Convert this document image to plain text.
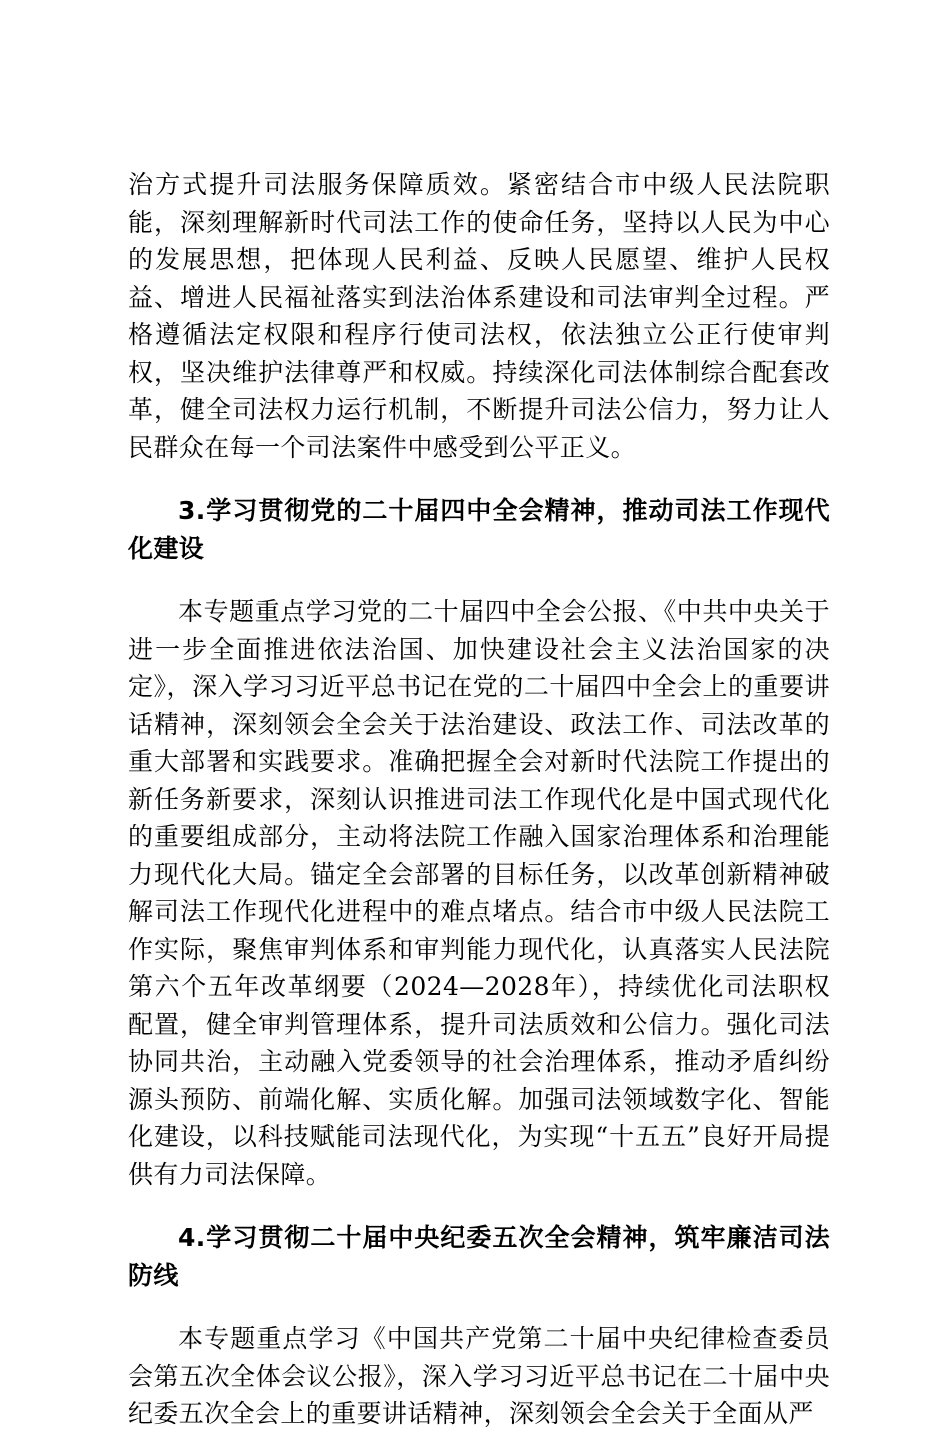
治方式提升司法服务保障质效。紧密结合市中级人民法院职能，深刻理解新时代司法工作的使命任务，坚持以人民为中心的发展思想，把体现人民利益、反映人民愿望、维护人民权益、增进人民福祉落实到法治体系建设和司法审判全过程。严格遵循法定权限和程序行使司法权，依法独立公正行使审判权，坚决维护法律尊严和权威。持续深化司法体制综合配套改革，健全司法权力运行机制，不断提升司法公信力，努力让人民群众在每一个司法案件中感受到公平正义。

3.学习贯彻党的二十届四中全会精神，推动司法工作现代化建设

本专题重点学习党的二十届四中全会公报、《中共中央关于进一步全面推进依法治国、加快建设社会主义法治国家的决定》，深入学习习近平总书记在党的二十届四中全会上的重要讲话精神，深刻领会全会关于法治建设、政法工作、司法改革的重大部署和实践要求。准确把握全会对新时代法院工作提出的新任务新要求，深刻认识推进司法工作现代化是中国式现代化的重要组成部分，主动将法院工作融入国家治理体系和治理能力现代化大局。锚定全会部署的目标任务，以改革创新精神破解司法工作现代化进程中的难点堵点。结合市中级人民法院工作实际，聚焦审判体系和审判能力现代化，认真落实人民法院第六个五年改革纲要（2024—2028年），持续优化司法职权配置，健全审判管理体系，提升司法质效和公信力。强化司法协同共治，主动融入党委领导的社会治理体系，推动矛盾纠纷源头预防、前端化解、实质化解。加强司法领域数字化、智能化建设，以科技赋能司法现代化，为实现“十五五”良好开局提供有力司法保障。

4.学习贯彻二十届中央纪委五次全会精神，筑牢廉洁司法防线

本专题重点学习《中国共产党第二十届中央纪律检查委员会第五次全体会议公报》，深入学习习近平总书记在二十届中央纪委五次全会上的重要讲话精神，深刻领会全会关于全面从严
